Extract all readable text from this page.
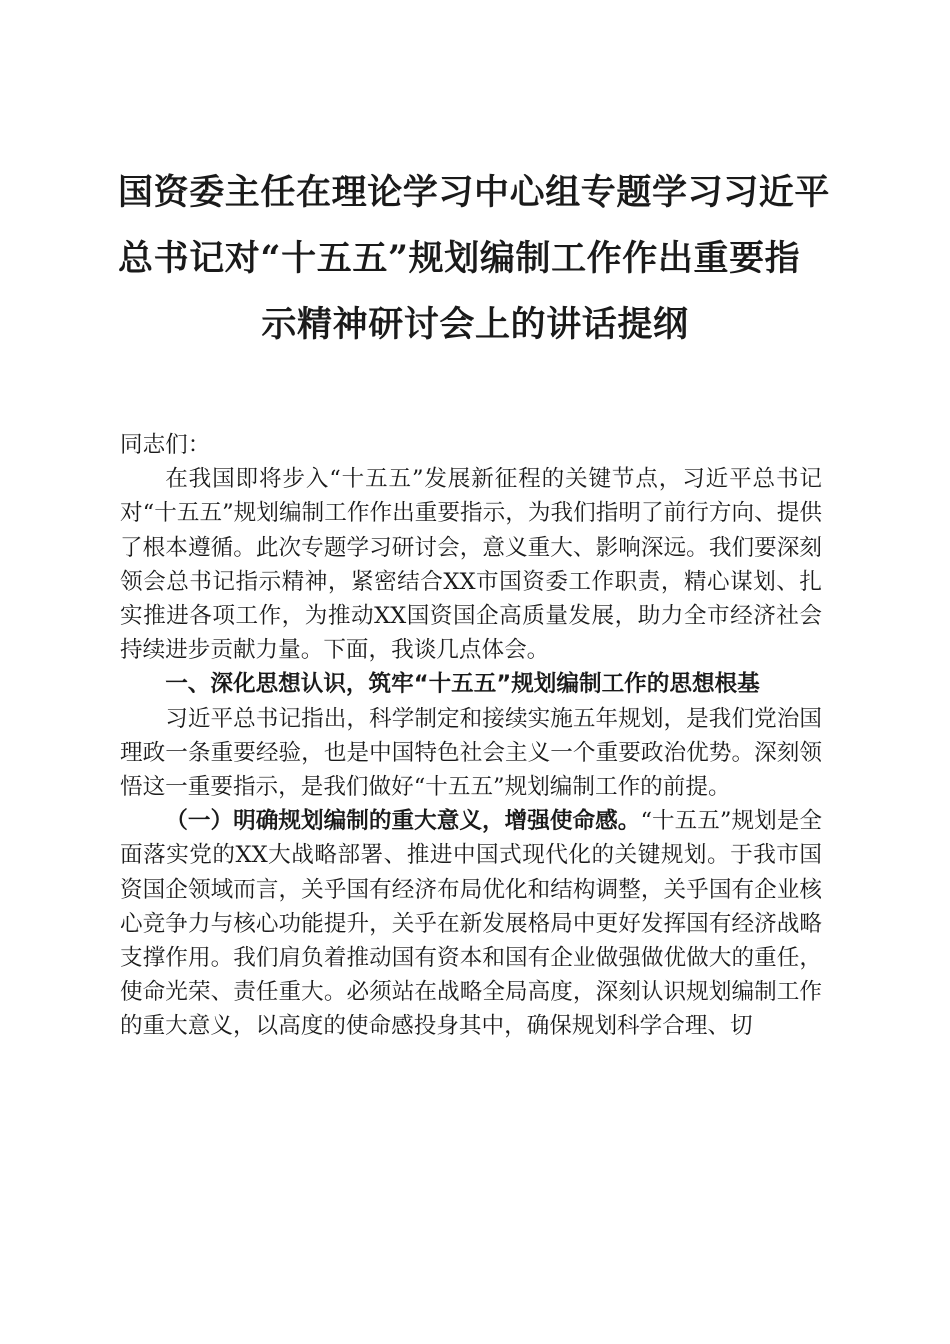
国资委主任在理论学习中心组专题学习习近平
总书记对“十五五”规划编制工作作出重要指
示精神研讨会上的讲话提纲

同志们：

在我国即将步入“十五五”发展新征程的关键节点，习近平总书记对“十五五”规划编制工作作出重要指示，为我们指明了前行方向、提供了根本遵循。此次专题学习研讨会，意义重大、影响深远。我们要深刻领会总书记指示精神，紧密结合XX市国资委工作职责，精心谋划、扎实推进各项工作，为推动XX国资国企高质量发展，助力全市经济社会持续进步贡献力量。下面，我谈几点体会。

一、深化思想认识，筑牢“十五五”规划编制工作的思想根基

习近平总书记指出，科学制定和接续实施五年规划，是我们党治国理政一条重要经验，也是中国特色社会主义一个重要政治优势。深刻领悟这一重要指示，是我们做好“十五五”规划编制工作的前提。

（一）明确规划编制的重大意义，增强使命感。“十五五”规划是全面落实党的XX大战略部署、推进中国式现代化的关键规划。于我市国资国企领域而言，关乎国有经济布局优化和结构调整，关乎国有企业核心竞争力与核心功能提升，关乎在新发展格局中更好发挥国有经济战略支撑作用。我们肩负着推动国有资本和国有企业做强做优做大的重任，使命光荣、责任重大。必须站在战略全局高度，深刻认识规划编制工作的重大意义，以高度的使命感投身其中，确保规划科学合理、切
